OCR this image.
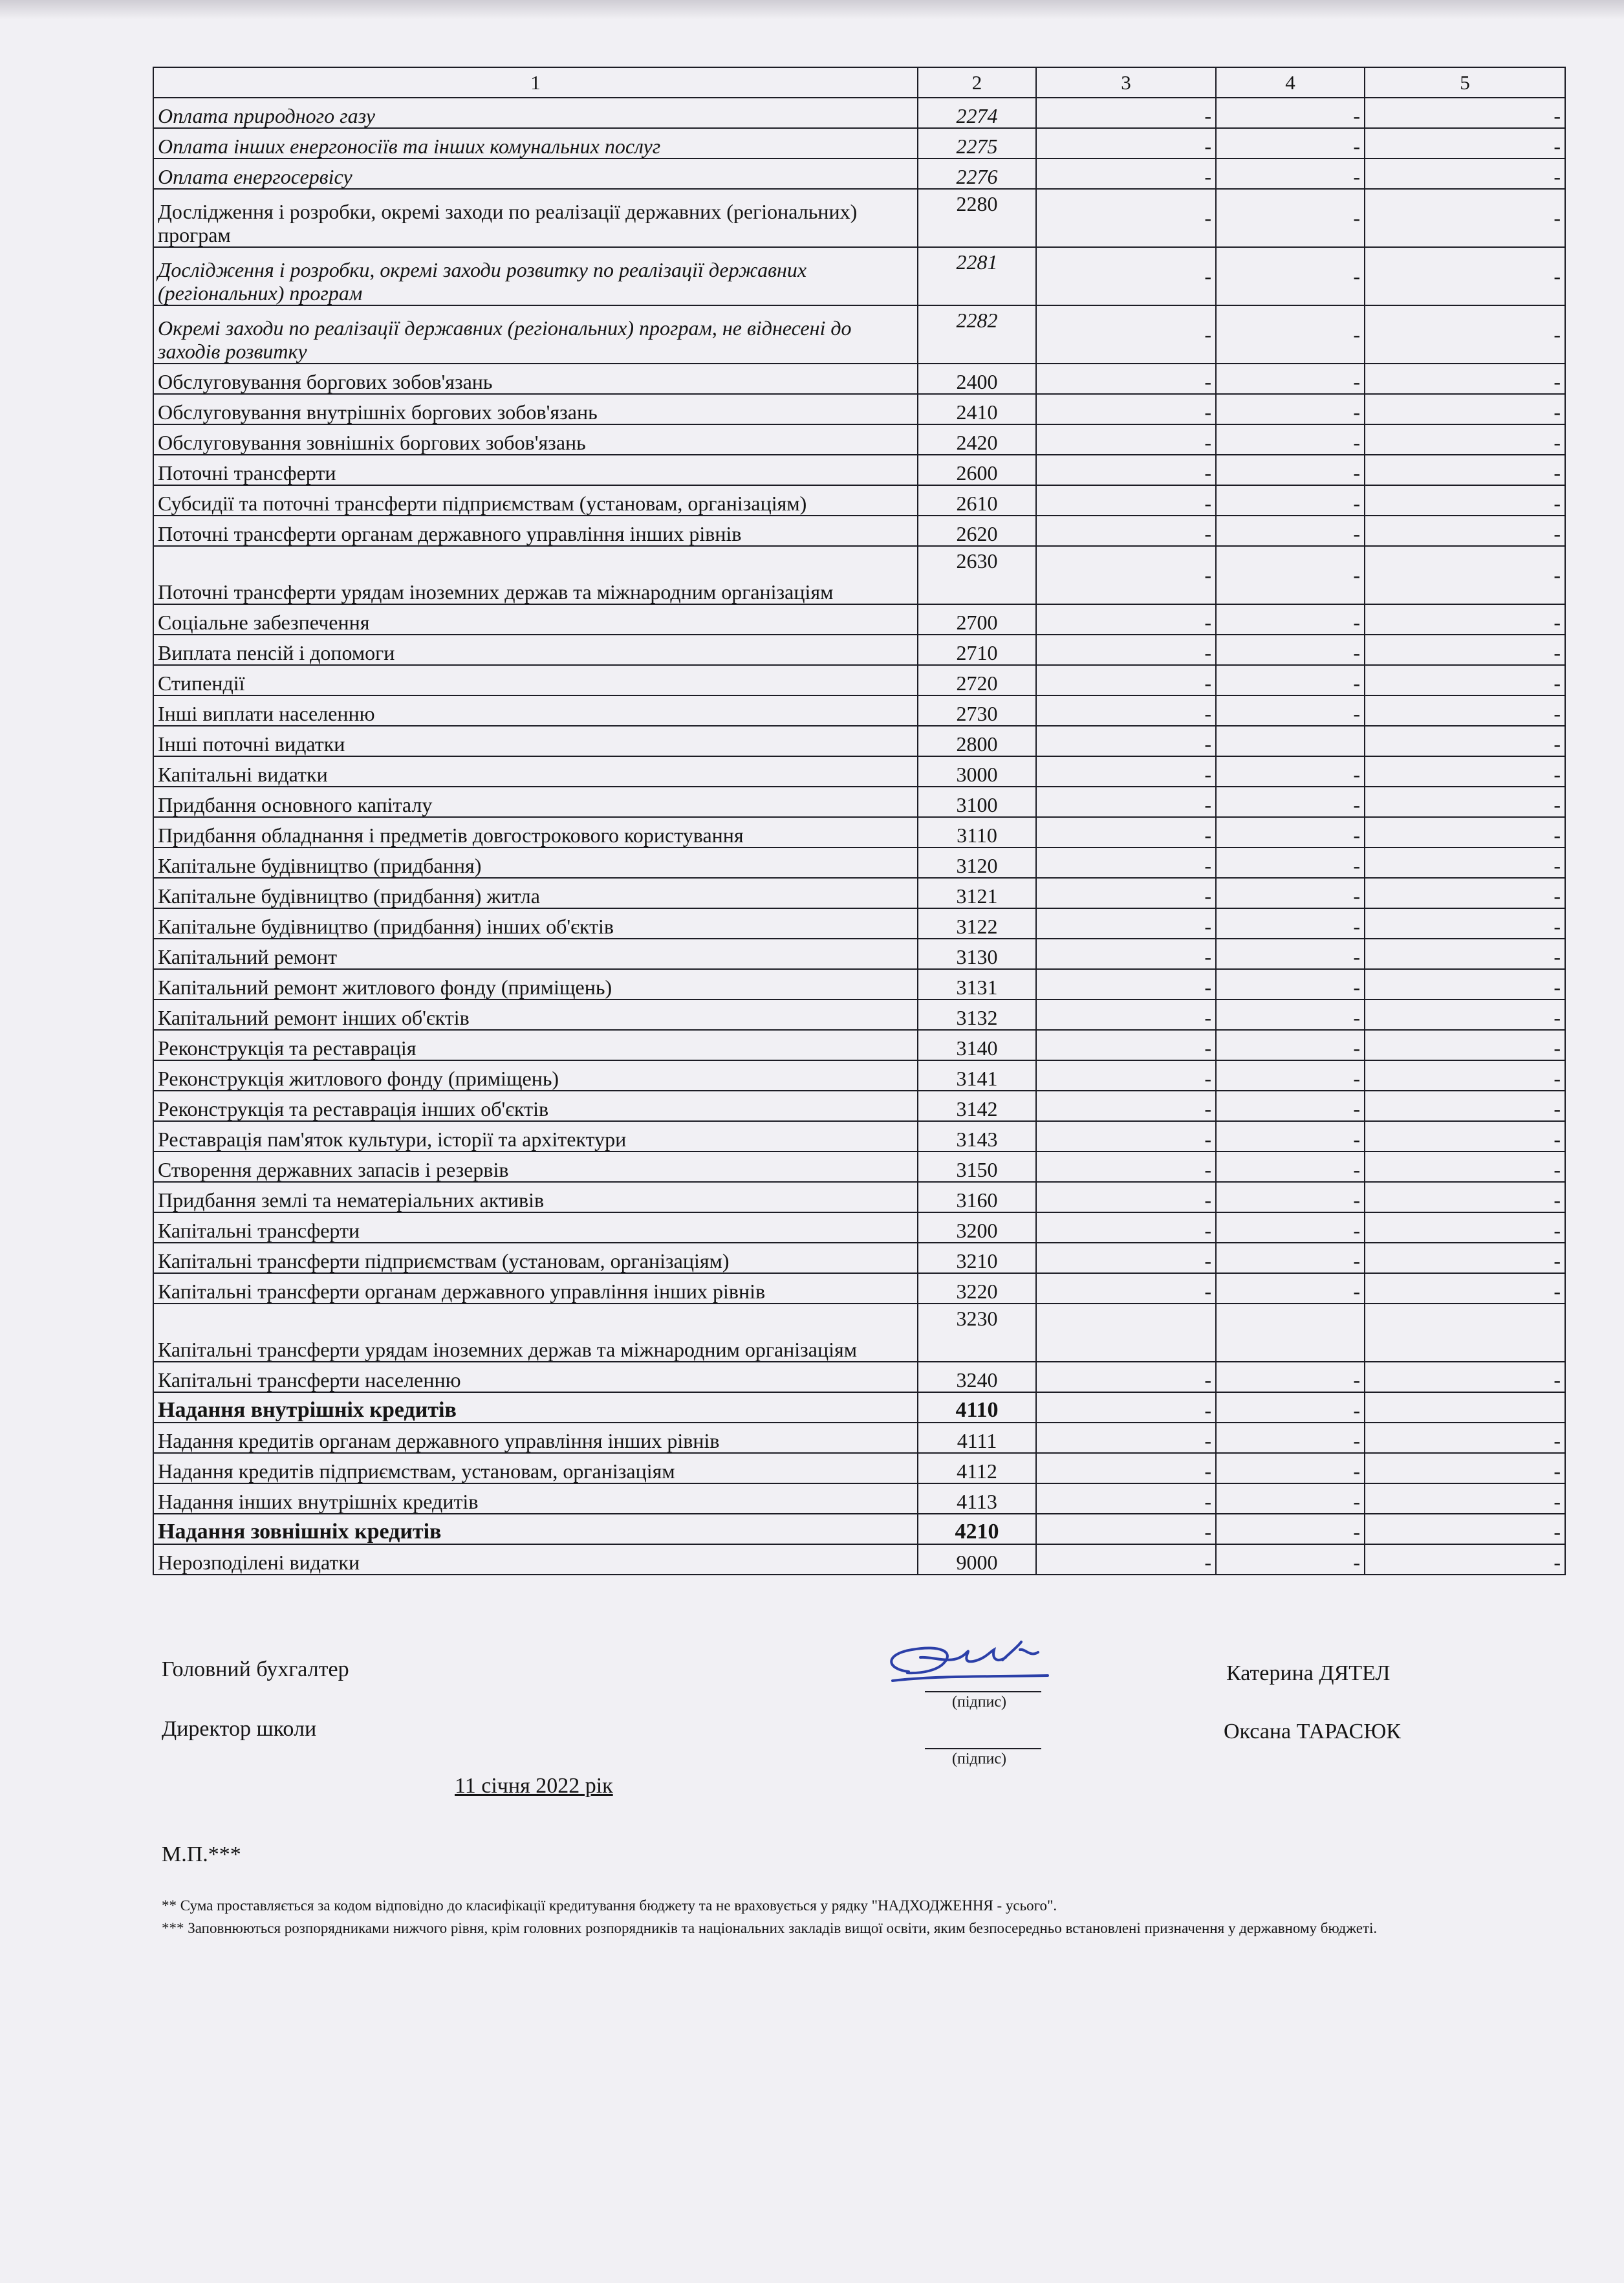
1	2	3	4	5
Оплата природного газу	2274	-	-	-
Оплата інших енергоносіїв та інших комунальних послуг	2275	-	-	-
Оплата енергосервісу	2276	-	-	-
Дослідження і розробки, окремі заходи по реалізації державних (регіональних) програм	2280	-	-	-
Дослідження і розробки, окремі заходи розвитку по реалізації державних (регіональних) програм	2281	-	-	-
Окремі заходи по реалізації державних (регіональних) програм, не віднесені до заходів розвитку	2282	-	-	-
Обслуговування боргових зобов'язань	2400	-	-	-
Обслуговування внутрішніх боргових зобов'язань	2410	-	-	-
Обслуговування зовнішніх боргових зобов'язань	2420	-	-	-
Поточні трансферти	2600	-	-	-
Субсидії та поточні трансферти підприємствам (установам, організаціям)	2610	-	-	-
Поточні трансферти органам державного управління інших рівнів	2620	-	-	-
Поточні трансферти урядам іноземних держав та міжнародним організаціям	2630	-	-	-
Соціальне забезпечення	2700	-	-	-
Виплата пенсій і допомоги	2710	-	-	-
Стипендії	2720	-	-	-
Інші виплати населенню	2730	-	-	-
Інші поточні видатки	2800	-		-
Капітальні видатки	3000	-	-	-
Придбання основного капіталу	3100	-	-	-
Придбання обладнання і предметів довгострокового користування	3110	-	-	-
Капітальне будівництво (придбання)	3120	-	-	-
Капітальне будівництво (придбання) житла	3121	-	-	-
Капітальне будівництво (придбання) інших об'єктів	3122	-	-	-
Капітальний ремонт	3130	-	-	-
Капітальний ремонт житлового фонду (приміщень)	3131	-	-	-
Капітальний ремонт інших об'єктів	3132	-	-	-
Реконструкція та реставрація	3140	-	-	-
Реконструкція житлового фонду (приміщень)	3141	-	-	-
Реконструкція та реставрація інших об'єктів	3142	-	-	-
Реставрація пам'яток культури, історії та архітектури	3143	-	-	-
Створення державних запасів і резервів	3150	-	-	-
Придбання землі та нематеріальних активів	3160	-	-	-
Капітальні трансферти	3200	-	-	-
Капітальні трансферти підприємствам (установам, організаціям)	3210	-	-	-
Капітальні трансферти органам державного управління інших рівнів	3220	-	-	-
Капітальні трансферти урядам іноземних держав та міжнародним організаціям	3230			
Капітальні трансферти населенню	3240	-	-	-
Надання внутрішніх кредитів	4110	-	-	
Надання кредитів органам державного управління інших рівнів	4111	-	-	-
Надання кредитів підприємствам, установам, організаціям	4112	-	-	-
Надання інших внутрішніх кредитів	4113	-	-	-
Надання зовнішніх кредитів	4210	-	-	-
Нерозподілені видатки	9000	-	-	-
Головний бухгалтер
(підпис)
Катерина ДЯТЕЛ
Директор школи
(підпис)
Оксана ТАРАСЮК
11 січня 2022 рік
М.П.***
** Сума проставляється за кодом відповідно до класифікації кредитування бюджету та не враховується у рядку "НАДХОДЖЕННЯ - усього".
*** Заповнюються розпорядниками нижчого рівня, крім головних розпорядників та національних закладів вищої освіти, яким безпосередньо встановлені призначення у державному бюджеті.
